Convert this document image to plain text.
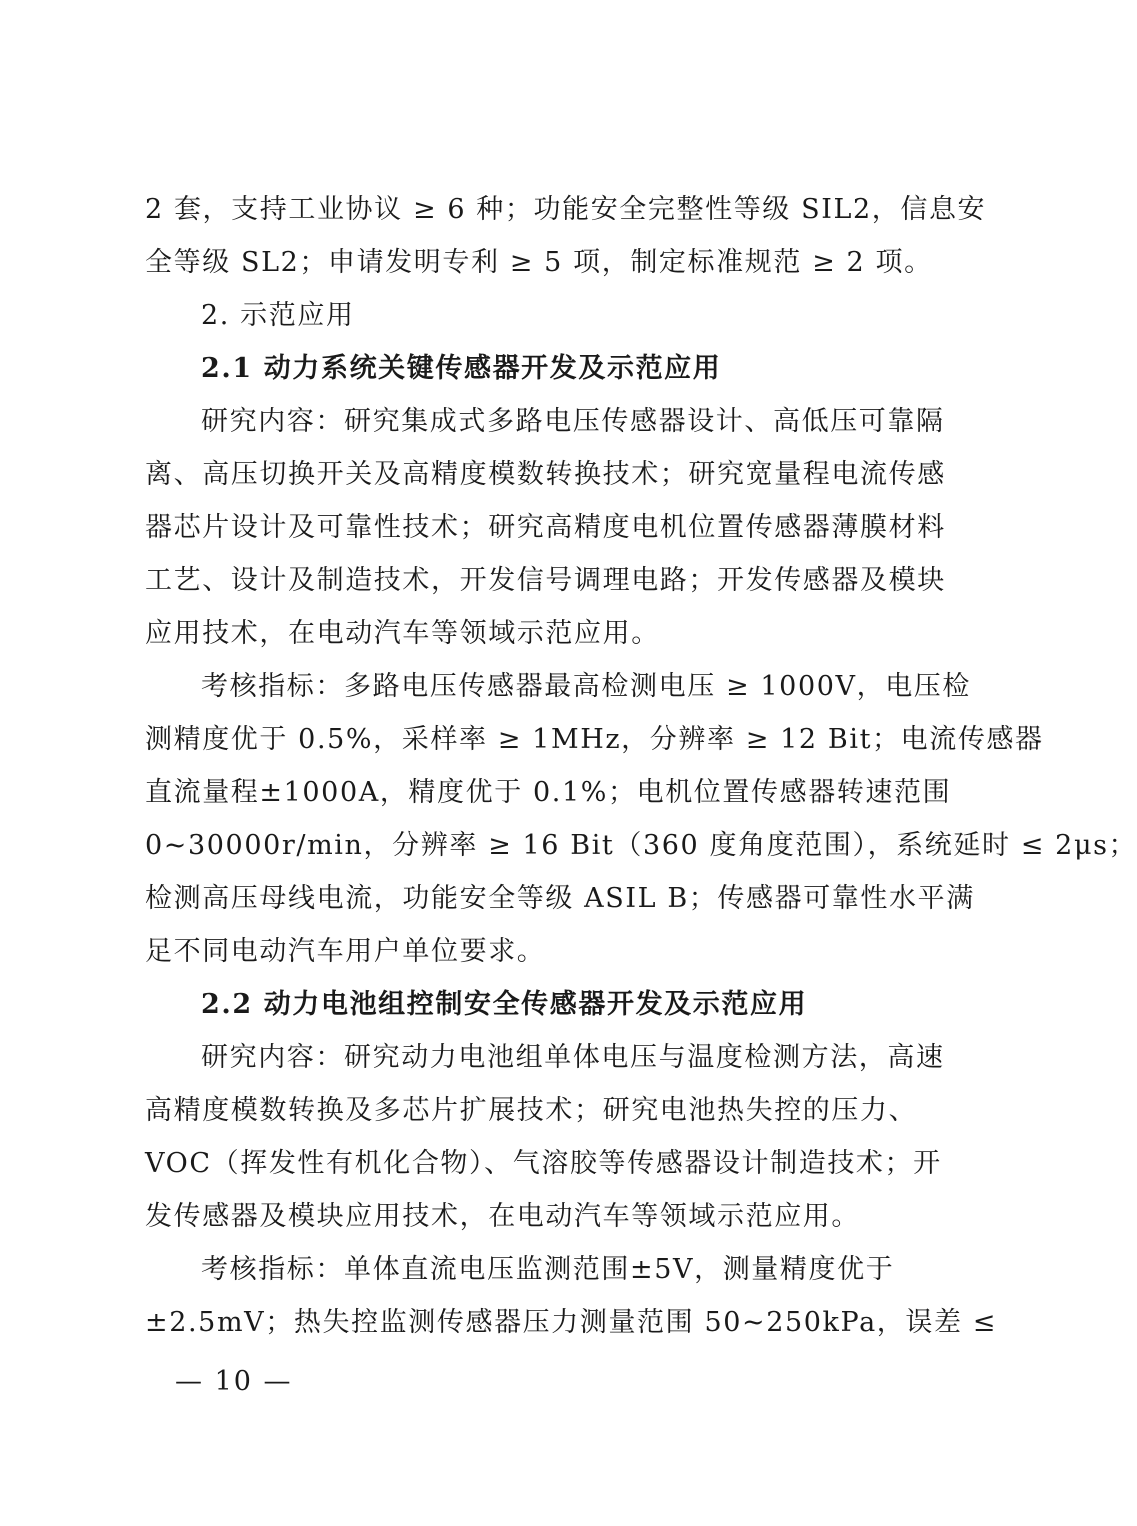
2 套，支持工业协议 ≥ 6 种；功能安全完整性等级 SIL2，信息安
全等级 SL2；申请发明专利 ≥ 5 项，制定标准规范 ≥ 2 项。
2. 示范应用
2.1 动力系统关键传感器开发及示范应用
研究内容：研究集成式多路电压传感器设计、高低压可靠隔
离、高压切换开关及高精度模数转换技术；研究宽量程电流传感
器芯片设计及可靠性技术；研究高精度电机位置传感器薄膜材料
工艺、设计及制造技术，开发信号调理电路；开发传感器及模块
应用技术，在电动汽车等领域示范应用。
考核指标：多路电压传感器最高检测电压 ≥ 1000V，电压检
测精度优于 0.5%，采样率 ≥ 1MHz，分辨率 ≥ 12 Bit；电流传感器
直流量程±1000A，精度优于 0.1%；电机位置传感器转速范围
0~30000r/min，分辨率 ≥ 16 Bit（360 度角度范围），系统延时 ≤ 2μs；
检测高压母线电流，功能安全等级 ASIL B；传感器可靠性水平满
足不同电动汽车用户单位要求。
2.2 动力电池组控制安全传感器开发及示范应用
研究内容：研究动力电池组单体电压与温度检测方法，高速
高精度模数转换及多芯片扩展技术；研究电池热失控的压力、
VOC（挥发性有机化合物）、气溶胶等传感器设计制造技术；开
发传感器及模块应用技术，在电动汽车等领域示范应用。
考核指标：单体直流电压监测范围±5V，测量精度优于
±2.5mV；热失控监测传感器压力测量范围 50~250kPa，误差 ≤
— 10 —
